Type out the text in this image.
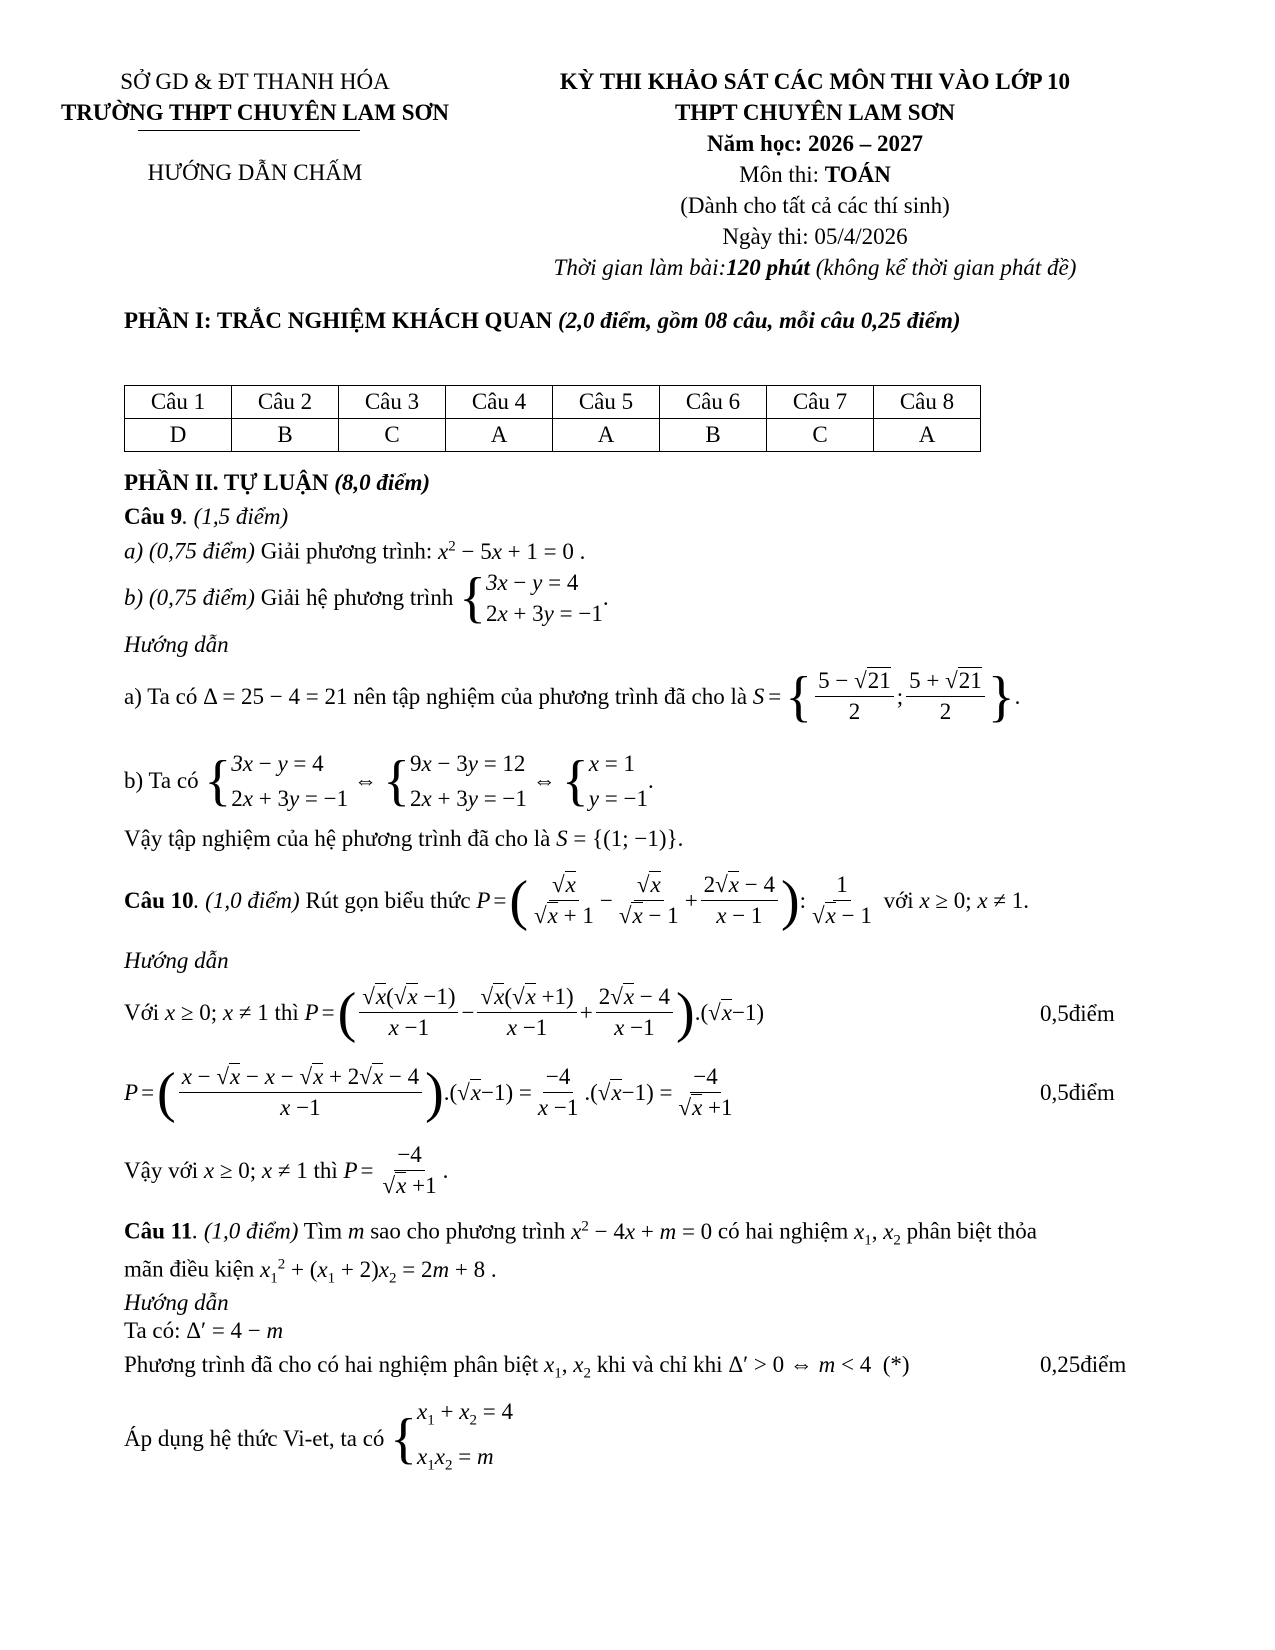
SỞ GD & ĐT THANH HÓA
TRƯỜNG THPT CHUYÊN LAM SƠN
HƯỚNG DẪN CHẤM
KỲ THI KHẢO SÁT CÁC MÔN THI VÀO LỚP 10
THPT CHUYÊN LAM SƠN
Năm học: 2026 – 2027
Môn thi: TOÁN
(Dành cho tất cả các thí sinh)
Ngày thi: 05/4/2026
Thời gian làm bài:120 phút (không kể thời gian phát đề)
PHẦN I: TRẮC NGHIỆM KHÁCH QUAN (2,0 điểm, gồm 08 câu, mỗi câu 0,25 điểm)
Câu 1	Câu 2	Câu 3	Câu 4	Câu 5	Câu 6	Câu 7	Câu 8
D	B	C	A	A	B	C	A
PHẦN II. TỰ LUẬN (8,0 điểm)
Câu 9. (1,5 điểm)
a) (0,75 điểm) Giải phương trình: $x^2 - 5x + 1 = 0$ .
b) (0,75 điểm) Giải hệ phương trình { 3x − y = 4
2x + 3y = −1
.
Hướng dẫn
a) Ta có Δ = 25 − 4 = 21 nên tập nghiệm của phương trình đã cho là S = { $\frac{5 - √ 21}{2}$ ; $\frac{5 + √ 21}{2}$ } .
b) Ta có { 3x − y = 4
2x + 3y = −1
⇔ { 9x − 3y = 12
2x + 3y = −1
⇔ { x = 1
y = −1
.
Vậy tập nghiệm của hệ phương trình đã cho là S = {(1; −1)}.
Câu 10 . (1,0 điểm) Rút gọn biểu thức P = ( √ x
√ x + 1 − √ x
√ $x - 1 + \frac{2 √ x - 4}{x - 1}$ ) : 1
√ x − 1 với x ≥ 0; x ≠ 1.
Hướng dẫn
Với x ≥ 0; x ≠ 1 thì P = ( √ $\frac{x( √ x -1)}{x -1}$ − √ $\frac{x( √ x +1)}{x -1} + \frac{2 √ x - 4}{x -1}$ ) .( √ x −1)	0,5điểm
P = ( $\frac{x - √ x - x - √ x + 2 √ x - 4}{x -1}$ ) .( √ $x -1) = \frac{-4}{x -1}$ .( √ x −1) = −4
√ x +1	0,5điểm
Vậy với x ≥ 0; x ≠ 1 thì P = −4
√ x +1 .
Câu 11. (1,0 điểm) Tìm m sao cho phương trình $x^2 - 4x + m = 0$ có hai nghiệm $x_1$, $x_2$ phân biệt thỏa
mãn điều kiện $x_1^2 + (x_1 + 2)x_2 = 2m + 8$ .
Hướng dẫn
Ta có: Δ′ = 4 − m
Phương trình đã cho có hai nghiệm phân biệt $x_1$, $x_2$ khi và chỉ khi Δ′ > 0 ⇔ m < 4  (*)	0,25điểm
Áp dụng hệ thức Vi-et, ta có { $x_1 + x_2 = 4$
$x_1x_2 = m$
